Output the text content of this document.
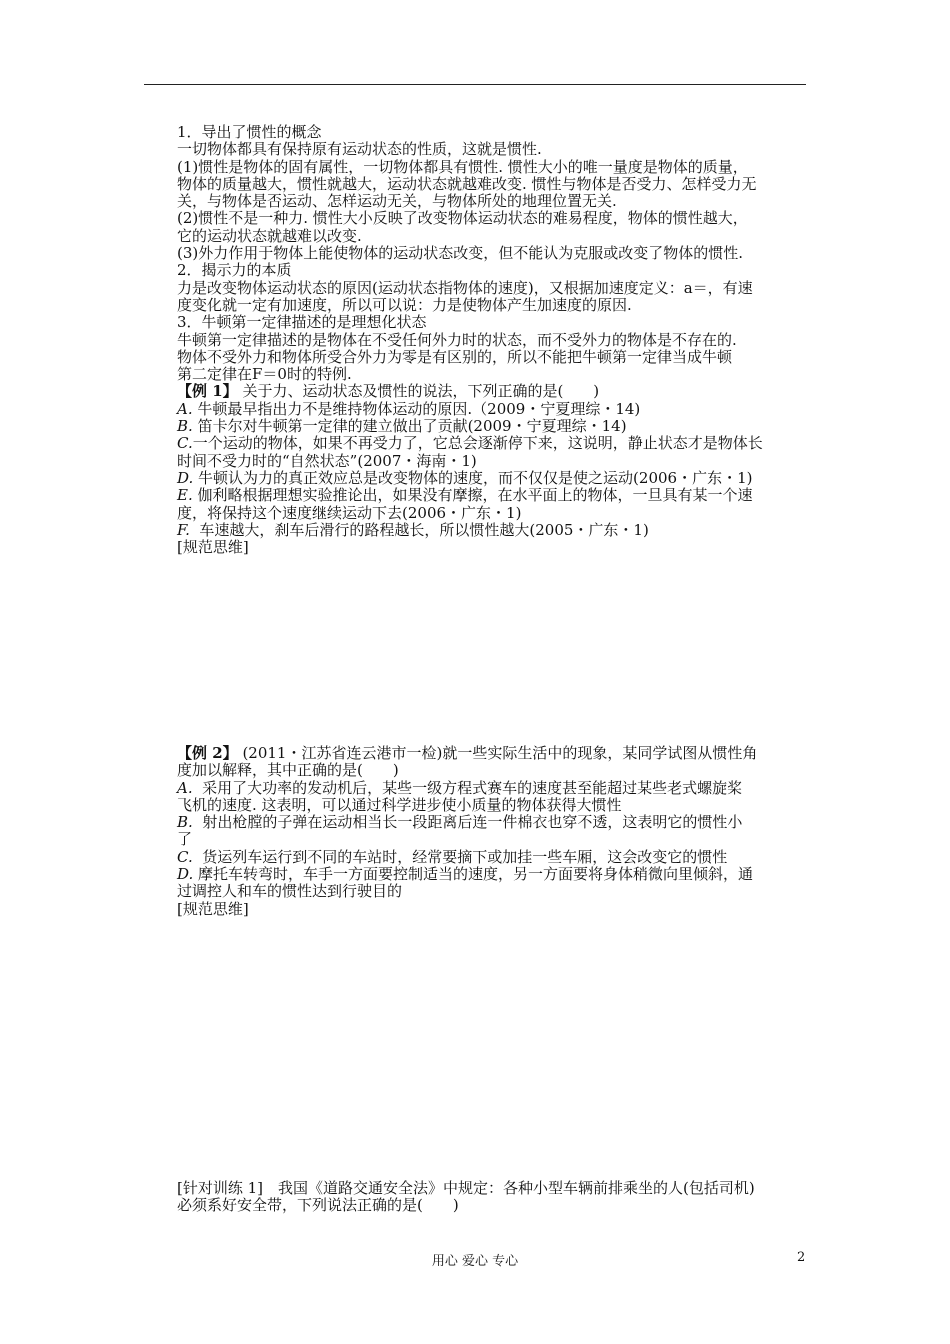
1．导出了惯性的概念
一切物体都具有保持原有运动状态的性质，这就是惯性.
(1)惯性是物体的固有属性，一切物体都具有惯性. 惯性大小的唯一量度是物体的质量，
物体的质量越大，惯性就越大，运动状态就越难改变. 惯性与物体是否受力、怎样受力无
关，与物体是否运动、怎样运动无关，与物体所处的地理位置无关.
(2)惯性不是一种力. 惯性大小反映了改变物体运动状态的难易程度，物体的惯性越大，
它的运动状态就越难以改变.
(3)外力作用于物体上能使物体的运动状态改变，但不能认为克服或改变了物体的惯性.
2．揭示力的本质
力是改变物体运动状态的原因(运动状态指物体的速度)，又根据加速度定义：a＝，有速
度变化就一定有加速度，所以可以说：力是使物体产生加速度的原因.
3．牛顿第一定律描述的是理想化状态
牛顿第一定律描述的是物体在不受任何外力时的状态，而不受外力的物体是不存在的.
物体不受外力和物体所受合外力为零是有区别的，所以不能把牛顿第一定律当成牛顿
第二定律在F＝0时的特例.
【例 1】 关于力、运动状态及惯性的说法，下列正确的是(　　)
A. 牛顿最早指出力不是维持物体运动的原因.（2009・宁夏理综・14)
B. 笛卡尔对牛顿第一定律的建立做出了贡献(2009・宁夏理综・14)
C.一个运动的物体，如果不再受力了，它总会逐渐停下来，这说明，静止状态才是物体长
时间不受力时的“自然状态”(2007・海南・1)
D. 牛顿认为力的真正效应总是改变物体的速度，而不仅仅是使之运动(2006・广东・1)
E. 伽利略根据理想实验推论出，如果没有摩擦，在水平面上的物体，一旦具有某一个速
度，将保持这个速度继续运动下去(2006・广东・1)
F. 车速越大，刹车后滑行的路程越长，所以惯性越大(2005・广东・1)
[规范思维]
【例 2】 (2011・江苏省连云港市一检)就一些实际生活中的现象，某同学试图从惯性角
度加以解释，其中正确的是(　　)
A. 采用了大功率的发动机后，某些一级方程式赛车的速度甚至能超过某些老式螺旋桨
飞机的速度. 这表明，可以通过科学进步使小质量的物体获得大惯性
B. 射出枪膛的子弹在运动相当长一段距离后连一件棉衣也穿不透，这表明它的惯性小
了
C. 货运列车运行到不同的车站时，经常要摘下或加挂一些车厢，这会改变它的惯性
D. 摩托车转弯时，车手一方面要控制适当的速度，另一方面要将身体稍微向里倾斜，通
过调控人和车的惯性达到行驶目的
[规范思维]
[针对训练 1]　我国《道路交通安全法》中规定：各种小型车辆前排乘坐的人(包括司机)
必须系好安全带，下列说法正确的是(　　)
用心 爱心 专心	2
